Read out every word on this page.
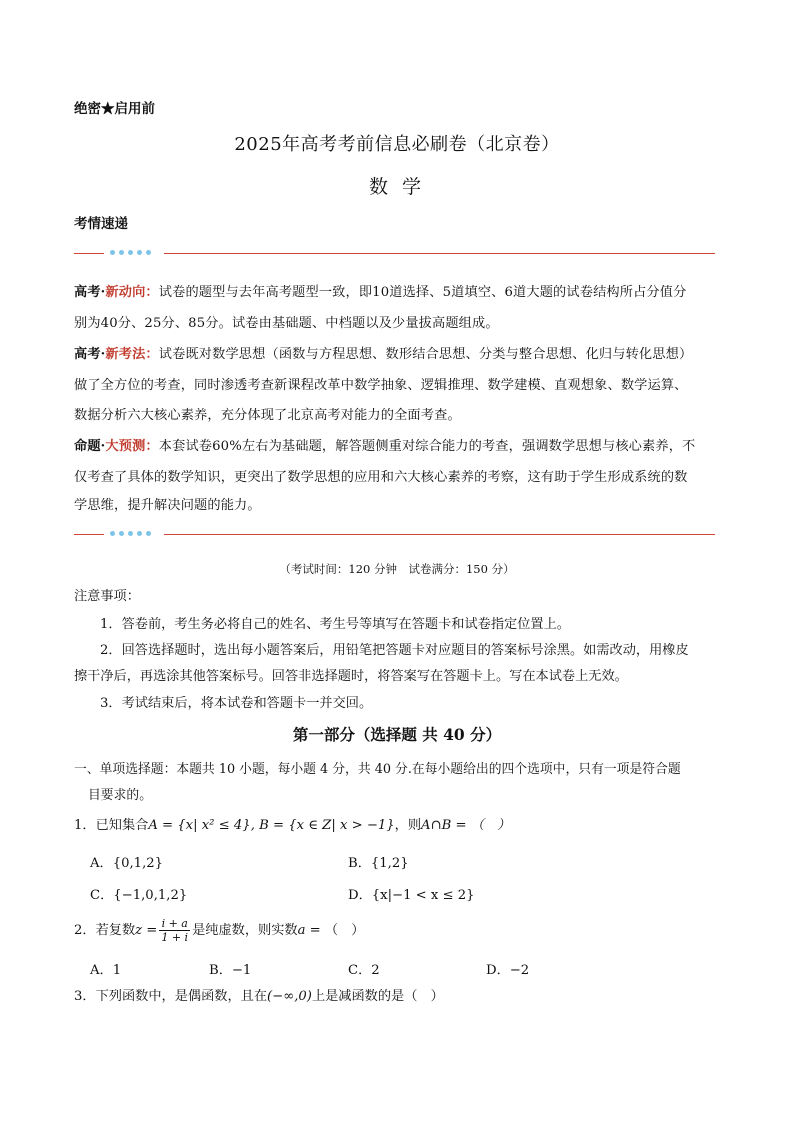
绝密★启用前
2025年高考考前信息必刷卷（北京卷）
数 学
考情速递
高考·新动向：试卷的题型与去年高考题型一致，即10道选择、5道填空、6道大题的试卷结构所占分值分
别为40分、25分、85分。试卷由基础题、中档题以及少量拔高题组成。
高考·新考法：试卷既对数学思想（函数与方程思想、数形结合思想、分类与整合思想、化归与转化思想）
做了全方位的考查，同时渗透考查新课程改革中数学抽象、逻辑推理、数学建模、直观想象、数学运算、
数据分析六大核心素养，充分体现了北京高考对能力的全面考查。
命题·大预测：本套试卷60%左右为基础题，解答题侧重对综合能力的考查，强调数学思想与核心素养，不
仅考查了具体的数学知识，更突出了数学思想的应用和六大核心素养的考察，这有助于学生形成系统的数
学思维，提升解决问题的能力。
（考试时间：120 分钟　试卷满分：150 分）
注意事项：
1．答卷前，考生务必将自己的姓名、考生号等填写在答题卡和试卷指定位置上。
2．回答选择题时，选出每小题答案后，用铅笔把答题卡对应题目的答案标号涂黑。如需改动，用橡皮
擦干净后，再选涂其他答案标号。回答非选择题时，将答案写在答题卡上。写在本试卷上无效。
3．考试结束后，将本试卷和答题卡一并交回。
第一部分（选择题 共 40 分）
一、单项选择题：本题共 10 小题，每小题 4 分，共 40 分.在每小题给出的四个选项中，只有一项是符合题
目要求的。
1．已知集合A = {x| x² ≤ 4}, B = {x ∈ Z| x > −1}，则A∩B = （　）
A．{0,1,2}	B．{1,2}
C．{−1,0,1,2}	D．{x|−1 < x ≤ 2}
2．若复数$z = \frac{i + a}{1 + i}$ 是纯虚数，则实数a = （　）
A．1	B．−1	C．2	D．−2
3．下列函数中，是偶函数，且在(−∞,0)上是减函数的是（　）
